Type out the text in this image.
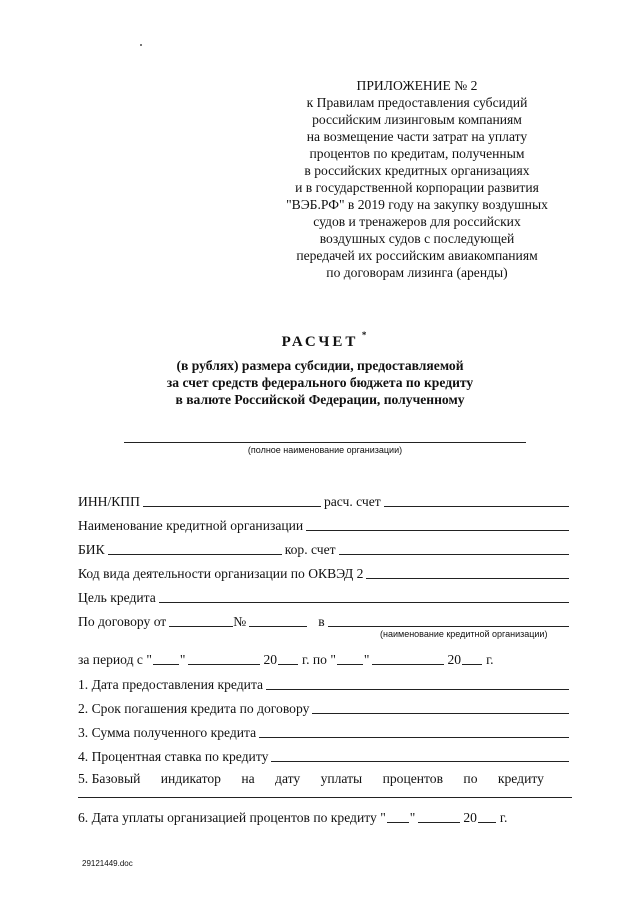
ПРИЛОЖЕНИЕ № 2
к Правилам предоставления субсидий
российским лизинговым компаниям
на возмещение части затрат на уплату
процентов по кредитам, полученным
в российских кредитных организациях
и в государственной корпорации развития
"ВЭБ.РФ" в 2019 году на закупку воздушных
судов и тренажеров для российских
воздушных судов с последующей
передачей их российским авиакомпаниям
по договорам лизинга (аренды)
РАСЧЕТ *
(в рублях) размера субсидии, предоставляемой
за счет средств федерального бюджета по кредиту
в валюте Российской Федерации, полученному
(полное наименование организации)
ИНН/КПП	расч. счет
Наименование кредитной организации
БИК	кор. счет
Код вида деятельности организации по ОКВЭД 2
Цель кредита
По договору от	№	в
(наименование кредитной организации)
за период с " "	20 г. по " "	20 г.
1. Дата предоставления кредита
2. Срок погашения кредита по договору
3. Сумма полученного кредита
4. Процентная ставка по кредиту
5. Базовый индикатор на дату уплаты процентов по кредиту
6. Дата уплаты организацией процентов по кредиту " "	20 г.
29121449.doc
